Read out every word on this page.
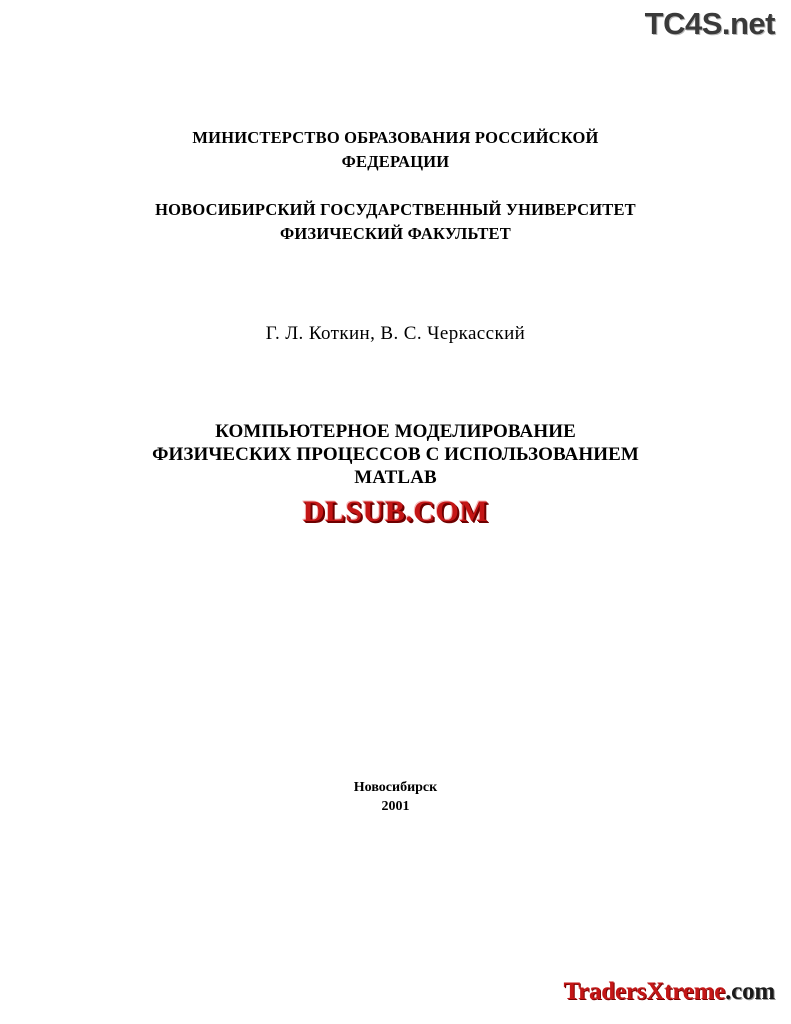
TC4S.net
МИНИСТЕРСТВО ОБРАЗОВАНИЯ РОССИЙСКОЙ
ФЕДЕРАЦИИ
НОВОСИБИРСКИЙ ГОСУДАРСТВЕННЫЙ УНИВЕРСИТЕТ
ФИЗИЧЕСКИЙ ФАКУЛЬТЕТ
Г. Л. Коткин, В. С. Черкасский
КОМПЬЮТЕРНОЕ МОДЕЛИРОВАНИЕ
ФИЗИЧЕСКИХ ПРОЦЕССОВ С ИСПОЛЬЗОВАНИЕМ
MATLAB
DLSUB.COM
Новосибирск
2001
TradersXtreme.com
